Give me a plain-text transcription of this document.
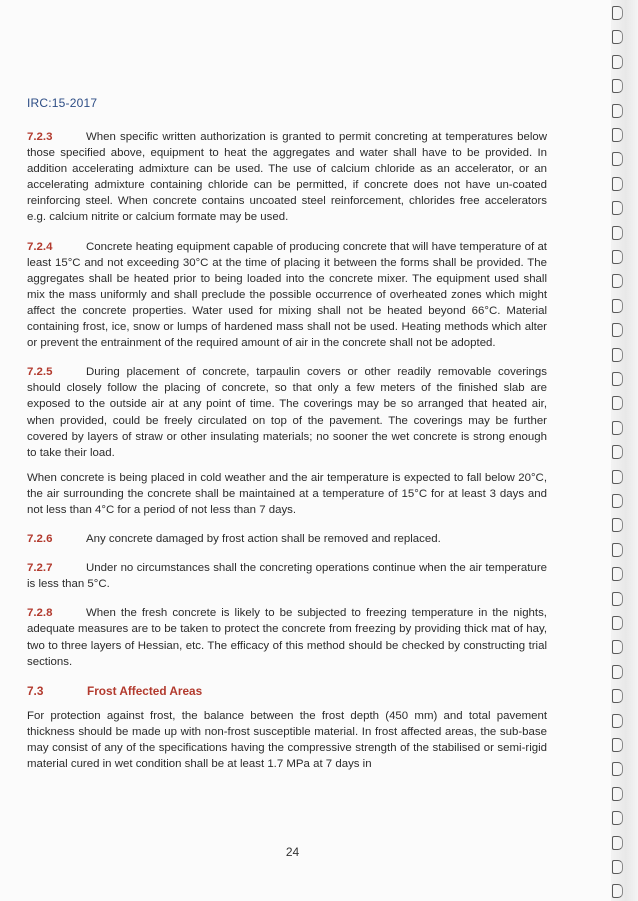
IRC:15-2017

7.2.3	When specific written authorization is granted to permit concreting at temperatures below those specified above, equipment to heat the aggregates and water shall have to be provided. In addition accelerating admixture can be used. The use of calcium chloride as an accelerator, or an accelerating admixture containing chloride can be permitted, if concrete does not have un-coated reinforcing steel. When concrete contains uncoated steel reinforcement, chlorides free accelerators e.g. calcium nitrite or calcium formate may be used.

7.2.4	Concrete heating equipment capable of producing concrete that will have temperature of at least 15°C and not exceeding 30°C at the time of placing it between the forms shall be provided. The aggregates shall be heated prior to being loaded into the concrete mixer. The equipment used shall mix the mass uniformly and shall preclude the possible occurrence of overheated zones which might affect the concrete properties. Water used for mixing shall not be heated beyond 66°C. Material containing frost, ice, snow or lumps of hardened mass shall not be used. Heating methods which alter or prevent the entrainment of the required amount of air in the concrete shall not be adopted.

7.2.5	During placement of concrete, tarpaulin covers or other readily removable coverings should closely follow the placing of concrete, so that only a few meters of the finished slab are exposed to the outside air at any point of time. The coverings may be so arranged that heated air, when provided, could be freely circulated on top of the pavement. The coverings may be further covered by layers of straw or other insulating materials; no sooner the wet concrete is strong enough to take their load.

When concrete is being placed in cold weather and the air temperature is expected to fall below 20°C, the air surrounding the concrete shall be maintained at a temperature of 15°C for at least 3 days and not less than 4°C for a period of not less than 7 days.

7.2.6	Any concrete damaged by frost action shall be removed and replaced.

7.2.7	Under no circumstances shall the concreting operations continue when the air temperature is less than 5°C.

7.2.8	When the fresh concrete is likely to be subjected to freezing temperature in the nights, adequate measures are to be taken to protect the concrete from freezing by providing thick mat of hay, two to three layers of Hessian, etc. The efficacy of this method should be checked by constructing trial sections.

7.3	Frost Affected Areas

For protection against frost, the balance between the frost depth (450 mm) and total pavement thickness should be made up with non-frost susceptible material. In frost affected areas, the sub-base may consist of any of the specifications having the compressive strength of the stabilised or semi-rigid material cured in wet condition shall be at least 1.7 MPa at 7 days in

24
